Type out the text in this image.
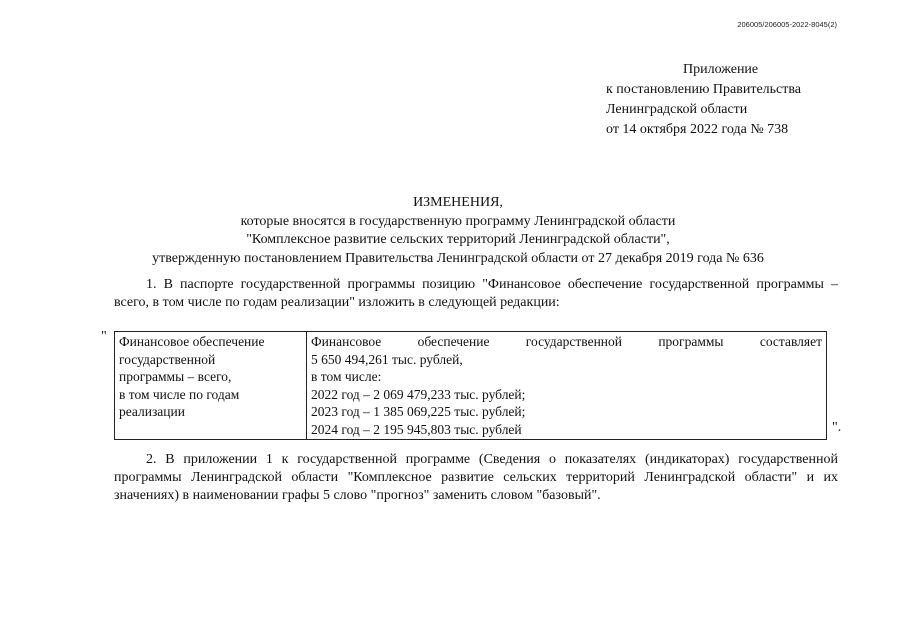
206005/206005-2022-8045(2)
Приложение
к постановлению Правительства
Ленинградской области
от 14 октября 2022 года № 738
ИЗМЕНЕНИЯ,
которые вносятся в государственную программу Ленинградской области
"Комплексное развитие сельских территорий Ленинградской области",
утвержденную постановлением Правительства Ленинградской области от 27 декабря 2019 года № 636
1. В паспорте государственной программы позицию "Финансовое обеспечение государственной программы – всего, в том числе по годам реализации" изложить в следующей редакции:
" Финансовое обеспечение
государственной
программы – всего,
в том числе по годам
реализации

Финансовое обеспечение государственной программы составляет
5 650 494,261 тыс. рублей,
в том числе:
2022 год – 2 069 479,233 тыс. рублей;
2023 год – 1 385 069,225 тыс. рублей;
2024 год – 2 195 945,803 тыс. рублей	".
2. В приложении 1 к государственной программе (Сведения о показателях (индикаторах) государственной программы Ленинградской области "Комплексное развитие сельских территорий Ленинградской области" и их значениях) в наименовании графы 5 слово "прогноз" заменить словом "базовый".
